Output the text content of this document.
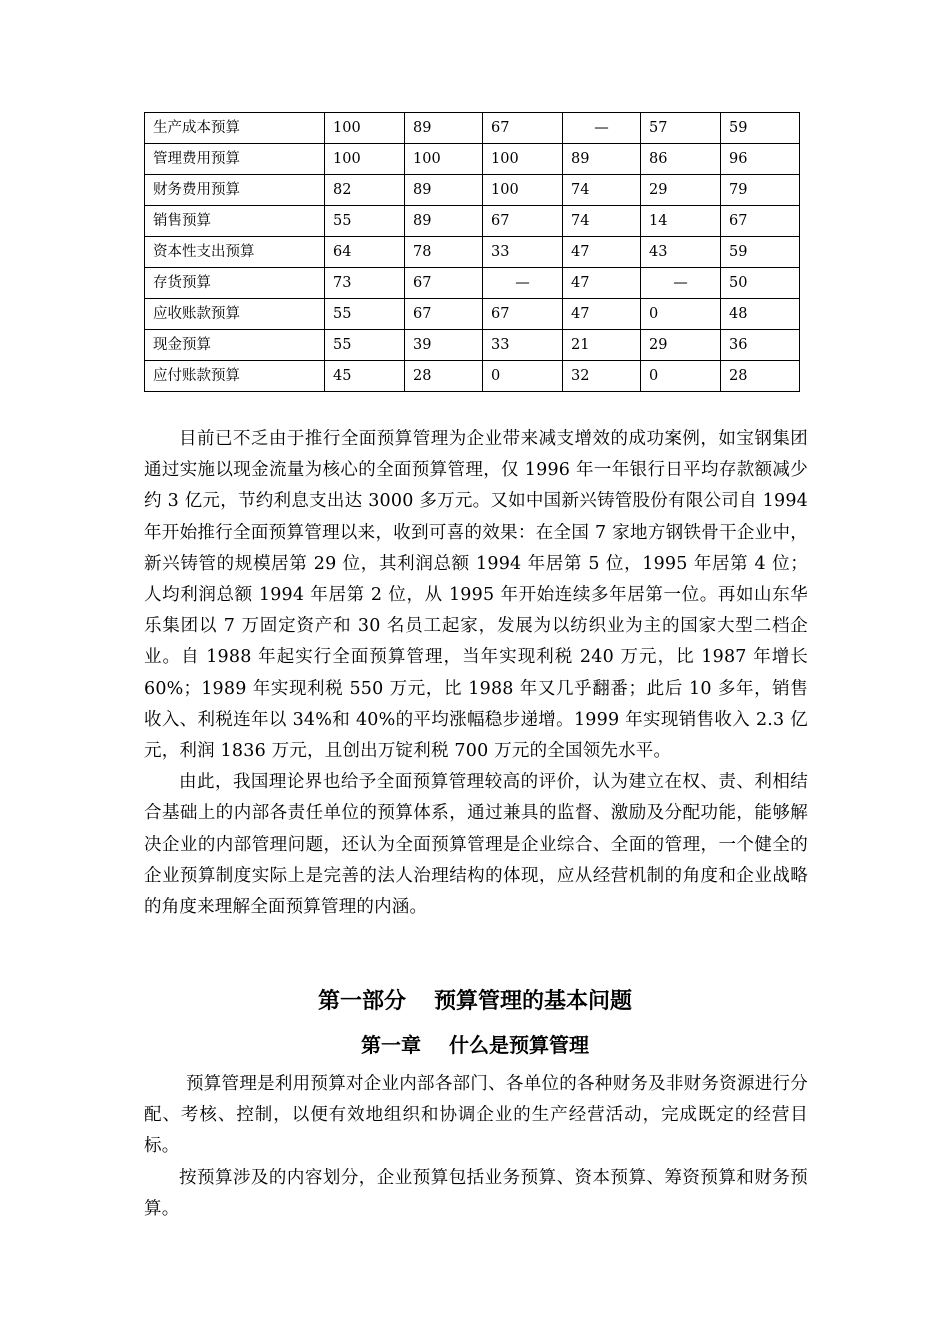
生产成本预算	100	89	67	—	57	59
管理费用预算	100	100	100	89	86	96
财务费用预算	82	89	100	74	29	79
销售预算	55	89	67	74	14	67
资本性支出预算	64	78	33	47	43	59
存货预算	73	67	—	47	—	50
应收账款预算	55	67	67	47	0	48
现金预算	55	39	33	21	29	36
应付账款预算	45	28	0	32	0	28

目前已不乏由于推行全面预算管理为企业带来减支增效的成功案例，如宝钢集团通过实施以现金流量为核心的全面预算管理，仅 1996 年一年银行日平均存款额减少约 3 亿元，节约利息支出达 3000 多万元。又如中国新兴铸管股份有限公司自 1994 年开始推行全面预算管理以来，收到可喜的效果：在全国 7 家地方钢铁骨干企业中，新兴铸管的规模居第 29 位，其利润总额 1994 年居第 5 位，1995 年居第 4 位；人均利润总额 1994 年居第 2 位，从 1995 年开始连续多年居第一位。再如山东华乐集团以 7 万固定资产和 30 名员工起家，发展为以纺织业为主的国家大型二档企业。自 1988 年起实行全面预算管理，当年实现利税 240 万元，比 1987 年增长 60%；1989 年实现利税 550 万元，比 1988 年又几乎翻番；此后 10 多年，销售收入、利税连年以 34%和 40%的平均涨幅稳步递增。1999 年实现销售收入 2.3 亿元，利润 1836 万元，且创出万锭利税 700 万元的全国领先水平。

由此，我国理论界也给予全面预算管理较高的评价，认为建立在权、责、利相结合基础上的内部各责任单位的预算体系，通过兼具的监督、激励及分配功能，能够解决企业的内部管理问题，还认为全面预算管理是企业综合、全面的管理，一个健全的企业预算制度实际上是完善的法人治理结构的体现，应从经营机制的角度和企业战略的角度来理解全面预算管理的内涵。

第一部分 预算管理的基本问题
第一章 什么是预算管理

预算管理是利用预算对企业内部各部门、各单位的各种财务及非财务资源进行分配、考核、控制，以便有效地组织和协调企业的生产经营活动，完成既定的经营目标。

按预算涉及的内容划分，企业预算包括业务预算、资本预算、筹资预算和财务预算。
